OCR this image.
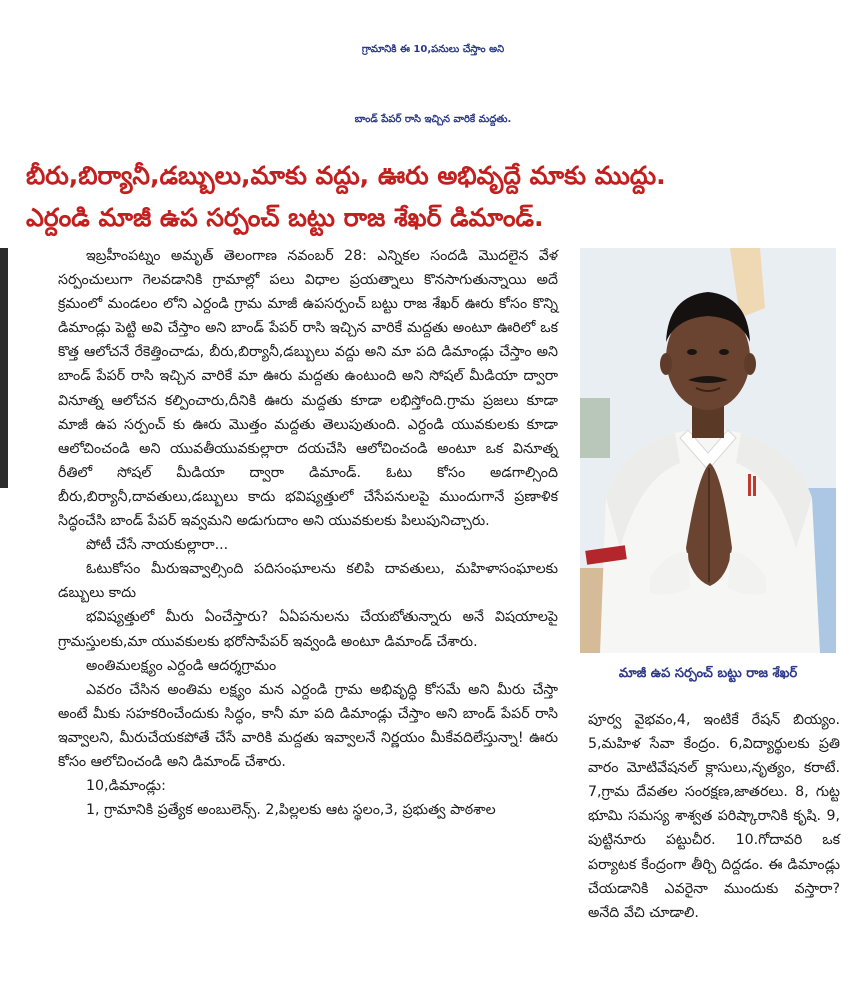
గ్రామానికి ఈ 10,పనులు చేస్తాం అని
బాండ్ పేపర్ రాసి ఇచ్చిన వారికే మద్దతు.
బీరు,బిర్యానీ,డబ్బులు,మాకు వద్దు, ఊరు అభివృద్దే మాకు ముద్దు.
ఎర్దండి మాజీ ఉప సర్పంచ్ బట్టు రాజ శేఖర్ డిమాండ్.

ఇబ్రహీంపట్నం అమృత్ తెలంగాణ నవంబర్ 28: ఎన్నికల సందడి మొదలైన వేళ సర్పంచులుగా గెలవడానికి గ్రామాల్లో పలు విధాల ప్రయత్నాలు కొనసాగుతున్నాయి అదే క్రమంలో మండలం లోని ఎర్దండి గ్రామ మాజీ ఉపసర్పంచ్ బట్టు రాజ శేఖర్ ఊరు కోసం కొన్ని డిమాండ్లు పెట్టి అవి చేస్తాం అని బాండ్ పేపర్ రాసి ఇచ్చిన వారికే మద్దతు అంటూ ఊరిలో ఒక కొత్త ఆలోచనే రేకెత్తించాడు, బీరు,బిర్యానీ,డబ్బులు వద్దు అని మా పది డిమాండ్లు చేస్తాం అని బాండ్ పేపర్ రాసి ఇచ్చిన వారికే మా ఊరు మద్దతు ఉంటుంది అని సోషల్ మీడియా ద్వారా వినూత్న ఆలోచన కల్పించారు,దీనికి ఊరు మద్దతు కూడా లభిస్తోంది.గ్రామ ప్రజలు కూడా మాజీ ఉప సర్పంచ్ కు ఊరు మొత్తం మద్దతు తెలుపుతుంది. ఎర్దండి యువకులకు కూడా ఆలోచించండి అని యువతీయువకుల్లారా దయచేసి ఆలోచించండి అంటూ ఒక వినూత్న రీతిలో సోషల్ మీడియా ద్వారా డిమాండ్. ఓటు కోసం అడగాల్సింది బీరు,బిర్యానీ,దావతులు,డబ్బులు కాదు భవిష్యత్తులో చేసేపనులపై ముందుగానే ప్రణాళిక సిద్ధంచేసి బాండ్ పేపర్ ఇవ్వమని అడుగుదాం అని యువకులకు పిలుపునిచ్చారు.

పోటీ చేసే నాయకుల్లారా...

ఓటుకోసం మీరుఇవ్వాల్సింది పదిసంఘాలను కలిపి దావతులు, మహిళాసంఘాలకు డబ్బులు కాదు

భవిష్యత్తులో మీరు ఏంచేస్తారు? ఏఏపనులను చేయబోతున్నారు అనే విషయాలపై గ్రామస్తులకు,మా యువకులకు భరోసాపేపర్ ఇవ్వండి అంటూ డిమాండ్ చేశారు.

అంతిమలక్ష్యం ఎర్దండి ఆదర్శగ్రామం

ఎవరం చేసిన అంతిమ లక్ష్యం మన ఎర్దండి గ్రామ అభివృద్ధి కోసమే అని మీరు చేస్తా అంటే మీకు సహకరించేందుకు సిద్ధం, కానీ మా పది డిమాండ్లు చేస్తాం అని బాండ్ పేపర్ రాసి ఇవ్వాలని, మీరుచేయకపోతే చేసే వారికి మద్దతు ఇవ్వాలనే నిర్ణయం మీకేవదిలేస్తున్నా! ఊరు కోసం ఆలోచించండి అని డిమాండ్ చేశారు.

10,డిమాండ్లు:

1, గ్రామానికి ప్రత్యేక అంబులెన్స్. 2,పిల్లలకు ఆట స్థలం,3, ప్రభుత్వ పాఠశాల

మాజీ ఉప సర్పంచ్ బట్టు రాజ శేఖర్

పూర్వ వైభవం,4, ఇంటికే రేషన్ బియ్యం. 5,మహిళ సేవా కేంద్రం. 6,విద్యార్థులకు ప్రతి వారం మోటివేషనల్ క్లాసులు,నృత్యం, కరాటే. 7,గ్రామ దేవతల సంరక్షణ,జాతరలు. 8, గుట్ట భూమి సమస్య శాశ్వత పరిష్కారానికి కృషి. 9, పుట్టినూరు పట్టుచీర. 10.గోదావరి ఒక పర్యాటక కేంద్రంగా తీర్చి దిద్దడం. ఈ డిమాండ్లు చేయడానికి ఎవరైనా ముందుకు వస్తారా? అనేది వేచి చూడాలి.
